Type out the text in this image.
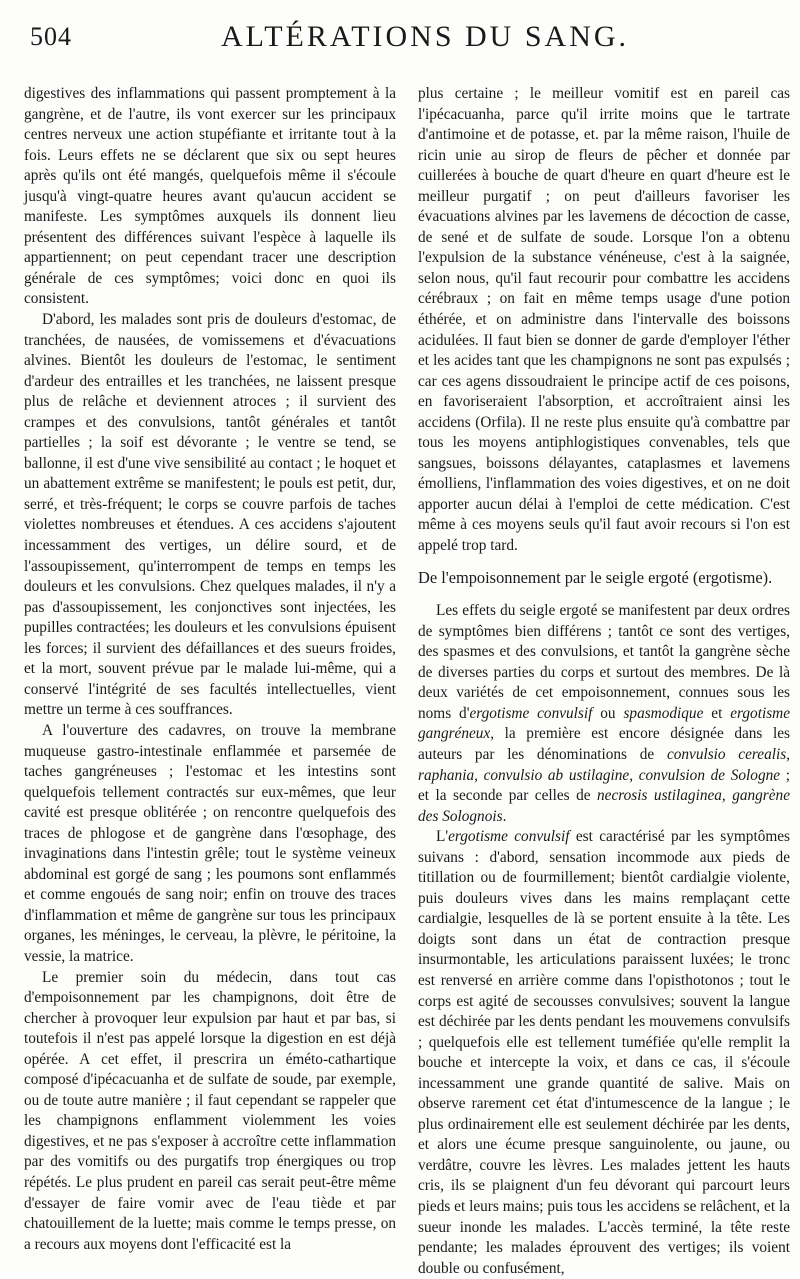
504	ALTÉRATIONS DU SANG.

digestives des inflammations qui passent promptement à la gangrène, et de l'autre, ils vont exercer sur les principaux centres nerveux une action stupéfiante et irritante tout à la fois. Leurs effets ne se déclarent que six ou sept heures après qu'ils ont été mangés, quelquefois même il s'écoule jusqu'à vingt-quatre heures avant qu'aucun accident se manifeste. Les symptômes auxquels ils donnent lieu présentent des différences suivant l'espèce à laquelle ils appartiennent; on peut cependant tracer une description générale de ces symptômes; voici donc en quoi ils consistent.

D'abord, les malades sont pris de douleurs d'estomac, de tranchées, de nausées, de vomissemens et d'évacuations alvines. Bientôt les douleurs de l'estomac, le sentiment d'ardeur des entrailles et les tranchées, ne laissent presque plus de relâche et deviennent atroces ; il survient des crampes et des convulsions, tantôt générales et tantôt partielles ; la soif est dévorante ; le ventre se tend, se ballonne, il est d'une vive sensibilité au contact ; le hoquet et un abattement extrême se manifestent; le pouls est petit, dur, serré, et très-fréquent; le corps se couvre parfois de taches violettes nombreuses et étendues. A ces accidens s'ajoutent incessamment des vertiges, un délire sourd, et de l'assoupissement, qu'interrompent de temps en temps les douleurs et les convulsions. Chez quelques malades, il n'y a pas d'assoupissement, les conjonctives sont injectées, les pupilles contractées; les douleurs et les convulsions épuisent les forces; il survient des défaillances et des sueurs froides, et la mort, souvent prévue par le malade lui-même, qui a conservé l'intégrité de ses facultés intellectuelles, vient mettre un terme à ces souffrances.

A l'ouverture des cadavres, on trouve la membrane muqueuse gastro-intestinale enflammée et parsemée de taches gangréneuses ; l'estomac et les intestins sont quelquefois tellement contractés sur eux-mêmes, que leur cavité est presque oblitérée ; on rencontre quelquefois des traces de phlogose et de gangrène dans l'œsophage, des invaginations dans l'intestin grêle; tout le système veineux abdominal est gorgé de sang ; les poumons sont enflammés et comme engoués de sang noir; enfin on trouve des traces d'inflammation et même de gangrène sur tous les principaux organes, les méninges, le cerveau, la plèvre, le péritoine, la vessie, la matrice.

Le premier soin du médecin, dans tout cas d'empoisonnement par les champignons, doit être de chercher à provoquer leur expulsion par haut et par bas, si toutefois il n'est pas appelé lorsque la digestion en est déjà opérée. A cet effet, il prescrira un éméto-cathartique composé d'ipécacuanha et de sulfate de soude, par exemple, ou de toute autre manière ; il faut cependant se rappeler que les champignons enflamment violemment les voies digestives, et ne pas s'exposer à accroître cette inflammation par des vomitifs ou des purgatifs trop énergiques ou trop répétés. Le plus prudent en pareil cas serait peut-être même d'essayer de faire vomir avec de l'eau tiède et par chatouillement de la luette; mais comme le temps presse, on a recours aux moyens dont l'efficacité est la

plus certaine ; le meilleur vomitif est en pareil cas l'ipécacuanha, parce qu'il irrite moins que le tartrate d'antimoine et de potasse, et. par la même raison, l'huile de ricin unie au sirop de fleurs de pêcher et donnée par cuillerées à bouche de quart d'heure en quart d'heure est le meilleur purgatif ; on peut d'ailleurs favoriser les évacuations alvines par les lavemens de décoction de casse, de sené et de sulfate de soude. Lorsque l'on a obtenu l'expulsion de la substance vénéneuse, c'est à la saignée, selon nous, qu'il faut recourir pour combattre les accidens cérébraux ; on fait en même temps usage d'une potion éthérée, et on administre dans l'intervalle des boissons acidulées. Il faut bien se donner de garde d'employer l'éther et les acides tant que les champignons ne sont pas expulsés ; car ces agens dissoudraient le principe actif de ces poisons, en favoriseraient l'absorption, et accroîtraient ainsi les accidens (Orfila). Il ne reste plus ensuite qu'à combattre par tous les moyens antiphlogistiques convenables, tels que sangsues, boissons délayantes, cataplasmes et lavemens émolliens, l'inflammation des voies digestives, et on ne doit apporter aucun délai à l'emploi de cette médication. C'est même à ces moyens seuls qu'il faut avoir recours si l'on est appelé trop tard.

De l'empoisonnement par le seigle ergoté (ergotisme).

Les effets du seigle ergoté se manifestent par deux ordres de symptômes bien différens ; tantôt ce sont des vertiges, des spasmes et des convulsions, et tantôt la gangrène sèche de diverses parties du corps et surtout des membres. De là deux variétés de cet empoisonnement, connues sous les noms d'ergotisme convulsif ou spasmodique et ergotisme gangréneux, la première est encore désignée dans les auteurs par les dénominations de convulsio cerealis, raphania, convulsio ab ustilagine, convulsion de Sologne ; et la seconde par celles de necrosis ustilaginea, gangrène des Solognois.

L'ergotisme convulsif est caractérisé par les symptômes suivans : d'abord, sensation incommode aux pieds de titillation ou de fourmillement; bientôt cardialgie violente, puis douleurs vives dans les mains remplaçant cette cardialgie, lesquelles de là se portent ensuite à la tête. Les doigts sont dans un état de contraction presque insurmontable, les articulations paraissent luxées; le tronc est renversé en arrière comme dans l'opisthotonos ; tout le corps est agité de secousses convulsives; souvent la langue est déchirée par les dents pendant les mouvemens convulsifs ; quelquefois elle est tellement tuméfiée qu'elle remplit la bouche et intercepte la voix, et dans ce cas, il s'écoule incessamment une grande quantité de salive. Mais on observe rarement cet état d'intumescence de la langue ; le plus ordinairement elle est seulement déchirée par les dents, et alors une écume presque sanguinolente, ou jaune, ou verdâtre, couvre les lèvres. Les malades jettent les hauts cris, ils se plaignent d'un feu dévorant qui parcourt leurs pieds et leurs mains; puis tous les accidens se relâchent, et la sueur inonde les malades. L'accès terminé, la tête reste pendante; les malades éprouvent des vertiges; ils voient double ou confusément,
